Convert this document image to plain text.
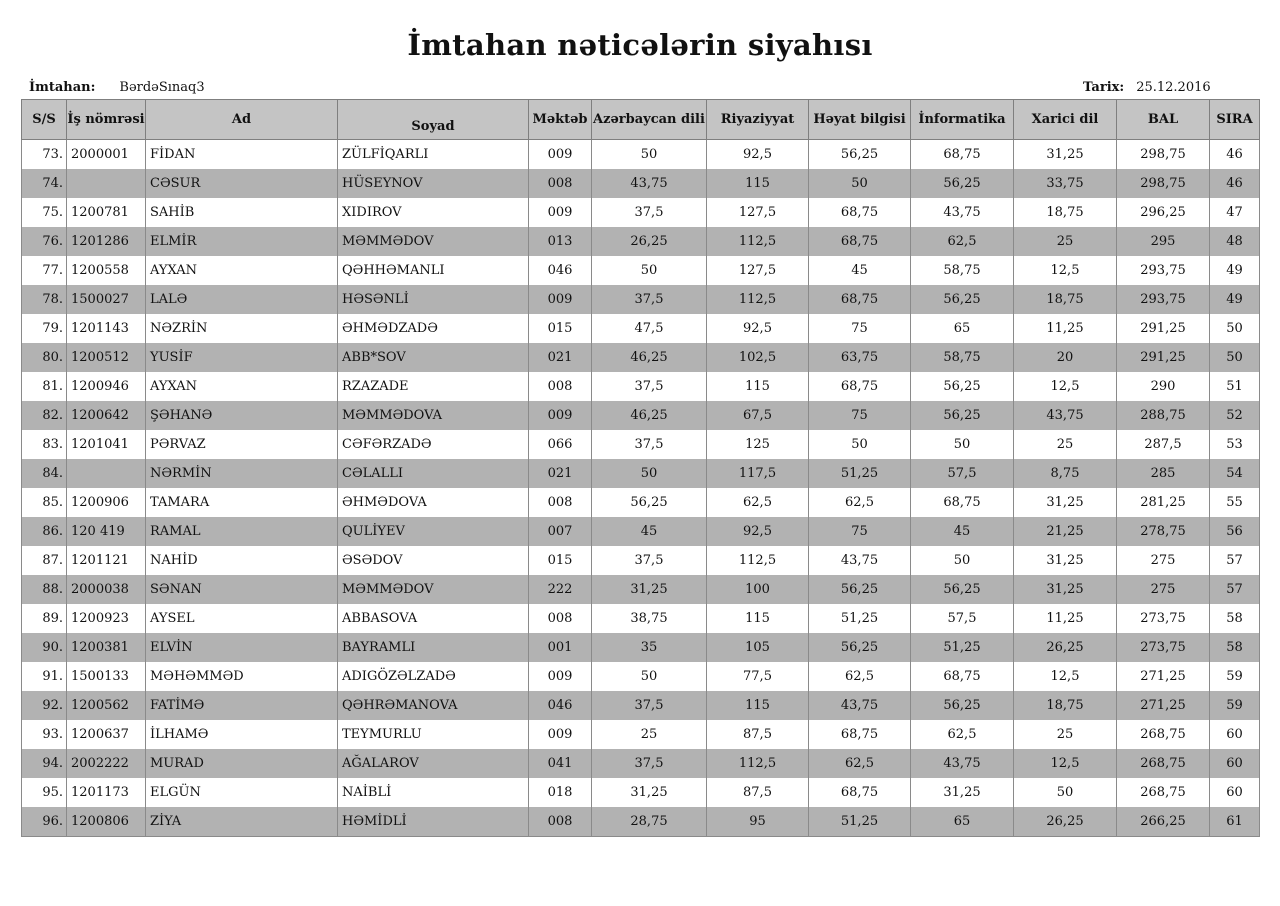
İmtahan nəticələrin siyahısı
İmtahan: BərdəSınaq3	Tarix: 25.12.2016
S/S	İş nömrəsi	Ad	Soyad	Məktəb	Azərbaycan dili	Riyaziyyat	Həyat bilgisi	İnformatika	Xarici dil	BAL	SIRA
73.	2000001	FİDAN	ZÜLFİQARLI	009	50	92,5	56,25	68,75	31,25	298,75	46
74.		CƏSUR	HÜSEYNOV	008	43,75	115	50	56,25	33,75	298,75	46
75.	1200781	SAHİB	XIDIROV	009	37,5	127,5	68,75	43,75	18,75	296,25	47
76.	1201286	ELMİR	MƏMMƏDOV	013	26,25	112,5	68,75	62,5	25	295	48
77.	1200558	AYXAN	QƏHHƏMANLI	046	50	127,5	45	58,75	12,5	293,75	49
78.	1500027	LALƏ	HƏSƏNLİ	009	37,5	112,5	68,75	56,25	18,75	293,75	49
79.	1201143	NƏZRİN	ƏHMƏDZADƏ	015	47,5	92,5	75	65	11,25	291,25	50
80.	1200512	YUSİF	ABB*SOV	021	46,25	102,5	63,75	58,75	20	291,25	50
81.	1200946	AYXAN	RZAZADE	008	37,5	115	68,75	56,25	12,5	290	51
82.	1200642	ŞƏHANƏ	MƏMMƏDOVA	009	46,25	67,5	75	56,25	43,75	288,75	52
83.	1201041	PƏRVAZ	CƏFƏRZADƏ	066	37,5	125	50	50	25	287,5	53
84.		NƏRMİN	CƏLALLI	021	50	117,5	51,25	57,5	8,75	285	54
85.	1200906	TAMARA	ƏHMƏDOVA	008	56,25	62,5	62,5	68,75	31,25	281,25	55
86.	120 419	RAMAL	QULİYEV	007	45	92,5	75	45	21,25	278,75	56
87.	1201121	NAHİD	ƏSƏDOV	015	37,5	112,5	43,75	50	31,25	275	57
88.	2000038	SƏNAN	MƏMMƏDOV	222	31,25	100	56,25	56,25	31,25	275	57
89.	1200923	AYSEL	ABBASOVA	008	38,75	115	51,25	57,5	11,25	273,75	58
90.	1200381	ELVİN	BAYRAMLI	001	35	105	56,25	51,25	26,25	273,75	58
91.	1500133	MƏHƏMMƏD	ADIGÖZƏLZADƏ	009	50	77,5	62,5	68,75	12,5	271,25	59
92.	1200562	FATİMƏ	QƏHRƏMANOVA	046	37,5	115	43,75	56,25	18,75	271,25	59
93.	1200637	İLHAMƏ	TEYMURLU	009	25	87,5	68,75	62,5	25	268,75	60
94.	2002222	MURAD	AĞALAROV	041	37,5	112,5	62,5	43,75	12,5	268,75	60
95.	1201173	ELGÜN	NAİBLİ	018	31,25	87,5	68,75	31,25	50	268,75	60
96.	1200806	ZİYA	HƏMİDLİ	008	28,75	95	51,25	65	26,25	266,25	61
